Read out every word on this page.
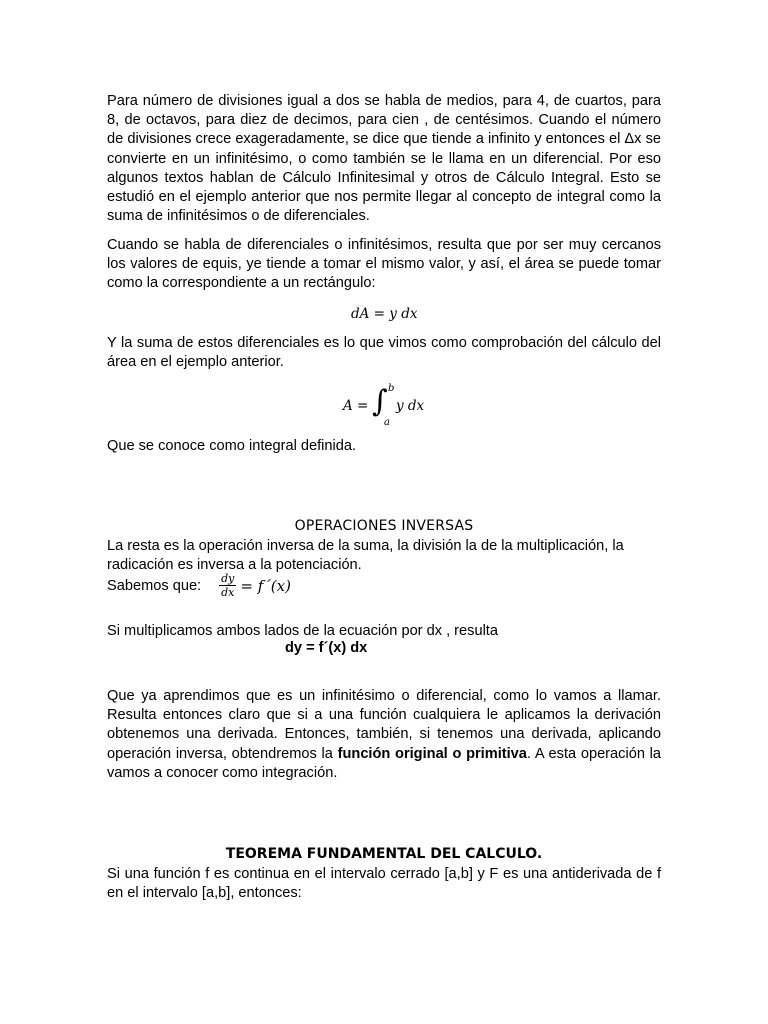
Para número de divisiones igual a dos se habla de medios, para 4, de cuartos, para 8, de octavos, para diez de decimos, para cien , de centésimos. Cuando el número de divisiones crece exageradamente, se dice que tiende a infinito y entonces el Δx se convierte en un infinitésimo, o como también se le llama en un diferencial. Por eso algunos textos hablan de Cálculo Infinitesimal y otros de Cálculo Integral. Esto se estudió en el ejemplo anterior que nos permite llegar al concepto de integral como la suma de infinitésimos o de diferenciales.
Cuando se habla de diferenciales o infinitésimos, resulta que por ser muy cercanos los valores de equis, ye tiende a tomar el mismo valor, y así, el área se puede tomar como la correspondiente a un rectángulo:
dA = y dx
Y la suma de estos diferenciales es lo que vimos como comprobación del cálculo del área en el ejemplo anterior.
A = ∫ b
a
y dx
Que se conoce como integral definida.
OPERACIONES INVERSAS
La resta es la operación inversa de la suma, la división la de la multiplicación, la radicación es inversa a la potenciación.
Sabemos que: $\frac{dy}{dx}$ = f´(x)
Si multiplicamos ambos lados de la ecuación por dx , resulta
dy = f´(x) dx
Que ya aprendimos que es un infinitésimo o diferencial, como lo vamos a llamar. Resulta entonces claro que si a una función cualquiera le aplicamos la derivación obtenemos una derivada. Entonces, también, si tenemos una derivada, aplicando operación inversa, obtendremos la función original o primitiva. A esta operación la vamos a conocer como integración.
TEOREMA FUNDAMENTAL DEL CALCULO.
Si una función f es continua en el intervalo cerrado [a,b] y F es una antiderivada de f en el intervalo [a,b], entonces:
